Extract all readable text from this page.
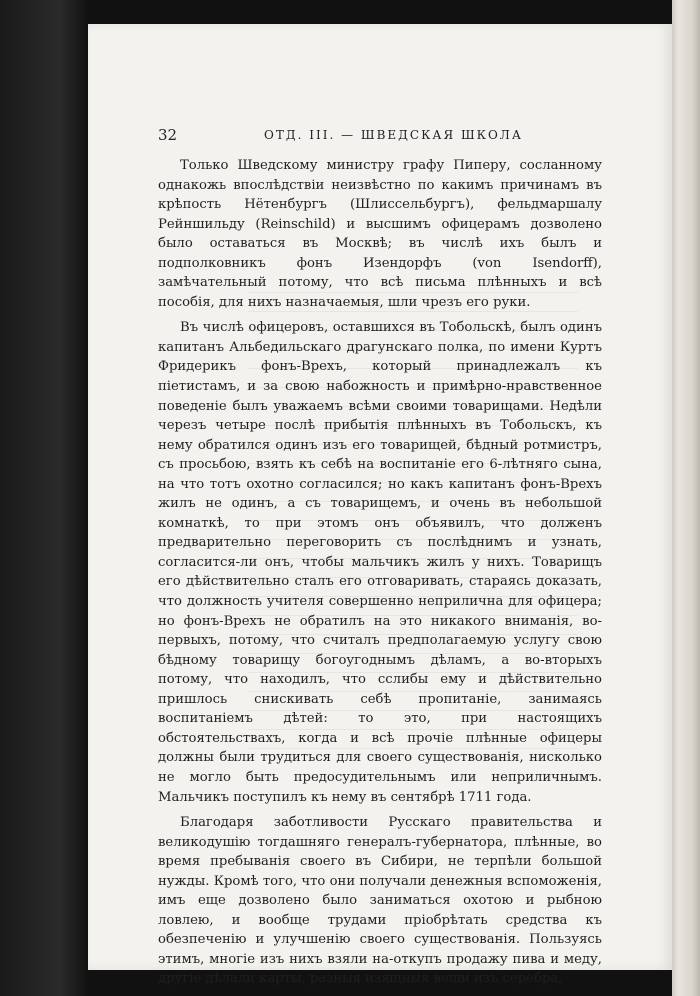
32	ОТД. III. — ШВЕДСКАЯ ШКОЛА

Только Шведскому министру графу Пиперу, сосланному однакожь впослѣдствіи неизвѣстно по какимъ причинамъ въ крѣпость Нётенбургъ (Шлиссельбургъ), фельдмаршалу Рейншильду (Reinschild) и высшимъ офицерамъ дозволено было оставаться въ Москвѣ; въ числѣ ихъ былъ и подполковникъ фонъ Изендорфъ (von Isendorff), замѣчательный потому, что всѣ письма плѣнныхъ и всѣ пособія, для нихъ назначаемыя, шли чрезъ его руки.

Въ числѣ офицеровъ, оставшихся въ Тобольскѣ, былъ одинъ капитанъ Альбедильскаго драгунскаго полка, по имени Куртъ Фридерикъ фонъ-Врехъ, который принадлежалъ къ піетистамъ, и за свою набожность и примѣрно-нравственное поведеніе былъ уважаемъ всѣми своими товарищами. Недѣли черезъ четыре послѣ прибытія плѣнныхъ въ Тобольскъ, къ нему обратился одинъ изъ его товарищей, бѣдный ротмистръ, съ просьбою, взять къ себѣ на воспитаніе его 6-лѣтняго сына, на что тотъ охотно согласился; но какъ капитанъ фонъ-Врехъ жилъ не одинъ, а съ товарищемъ, и очень въ небольшой комнаткѣ, то при этомъ онъ объявилъ, что долженъ предварительно переговорить съ послѣднимъ и узнать, согласится-ли онъ, чтобы мальчикъ жилъ у нихъ. Товарищъ его дѣйствительно сталъ его отговаривать, стараясь доказать, что должность учителя совершенно неприлична для офицера; но фонъ-Врехъ не обратилъ на это никакого вниманія, во-первыхъ, потому, что считалъ предполагаемую услугу свою бѣдному товарищу богоугоднымъ дѣламъ, а во-вторыхъ потому, что находилъ, что сслибы ему и дѣйствительно пришлось снискивать себѣ пропитаніе, занимаясь воспитаніемъ дѣтей: то это, при настоящихъ обстоятельствахъ, когда и всѣ прочіе плѣнные офицеры должны были трудиться для своего существованія, нисколько не могло быть предосудительнымъ или неприличнымъ. Мальчикъ поступилъ къ нему въ сентябрѣ 1711 года.

Благодаря заботливости Русскаго правительства и великодушію тогдашняго генералъ-губернатора, плѣнные, во время пребыванія своего въ Сибири, не терпѣли большой нужды. Кромѣ того, что они получали денежныя вспоможенія, имъ еще дозволено было заниматься охотою и рыбною ловлею, и вообще трудами пріобрѣтать средства къ обезпеченію и улучшенію своего существованія. Пользуясь этимъ, многіе изъ нихъ взяли на-откупъ продажу пива и меду, другіе дѣлали карты, разныя изящныя вещи изъ серебра,
